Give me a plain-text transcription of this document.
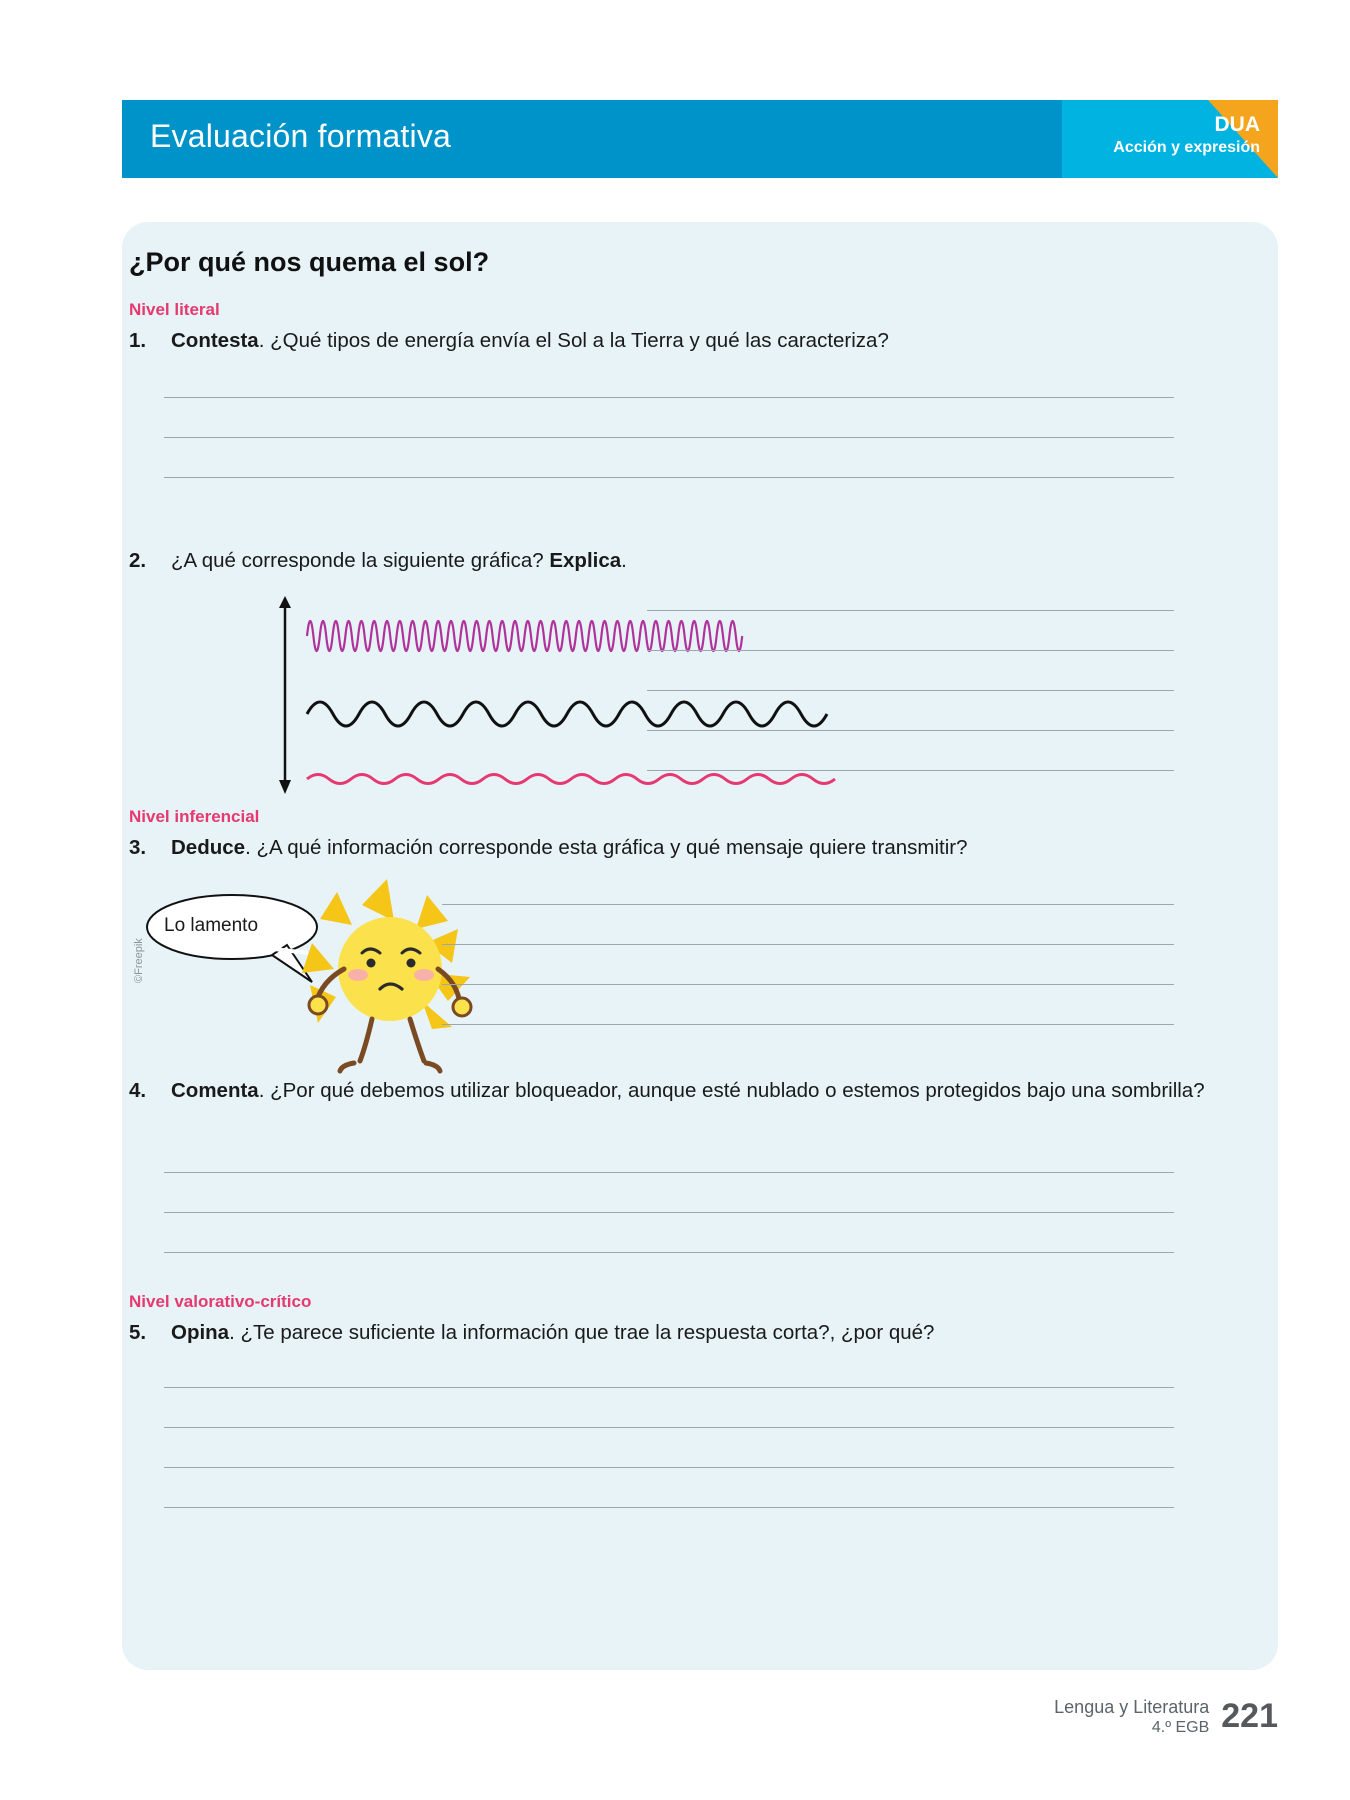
Evaluación formativa	DUA
Acción y expresión
¿Por qué nos quema el sol?
Nivel literal
1.	Contesta. ¿Qué tipos de energía envía el Sol a la Tierra y qué las caracteriza?
2.	¿A qué corresponde la siguiente gráfica? Explica.
Nivel inferencial
3.	Deduce. ¿A qué información corresponde esta gráfica y qué mensaje quiere transmitir?
Lo lamento
©Freepik
4.	Comenta. ¿Por qué debemos utilizar bloqueador, aunque esté nublado o estemos protegidos bajo una sombrilla?
Nivel valorativo-crítico
5.	Opina. ¿Te parece suficiente la información que trae la respuesta corta?, ¿por qué?
Lengua y Literatura
4.º EGB 221
